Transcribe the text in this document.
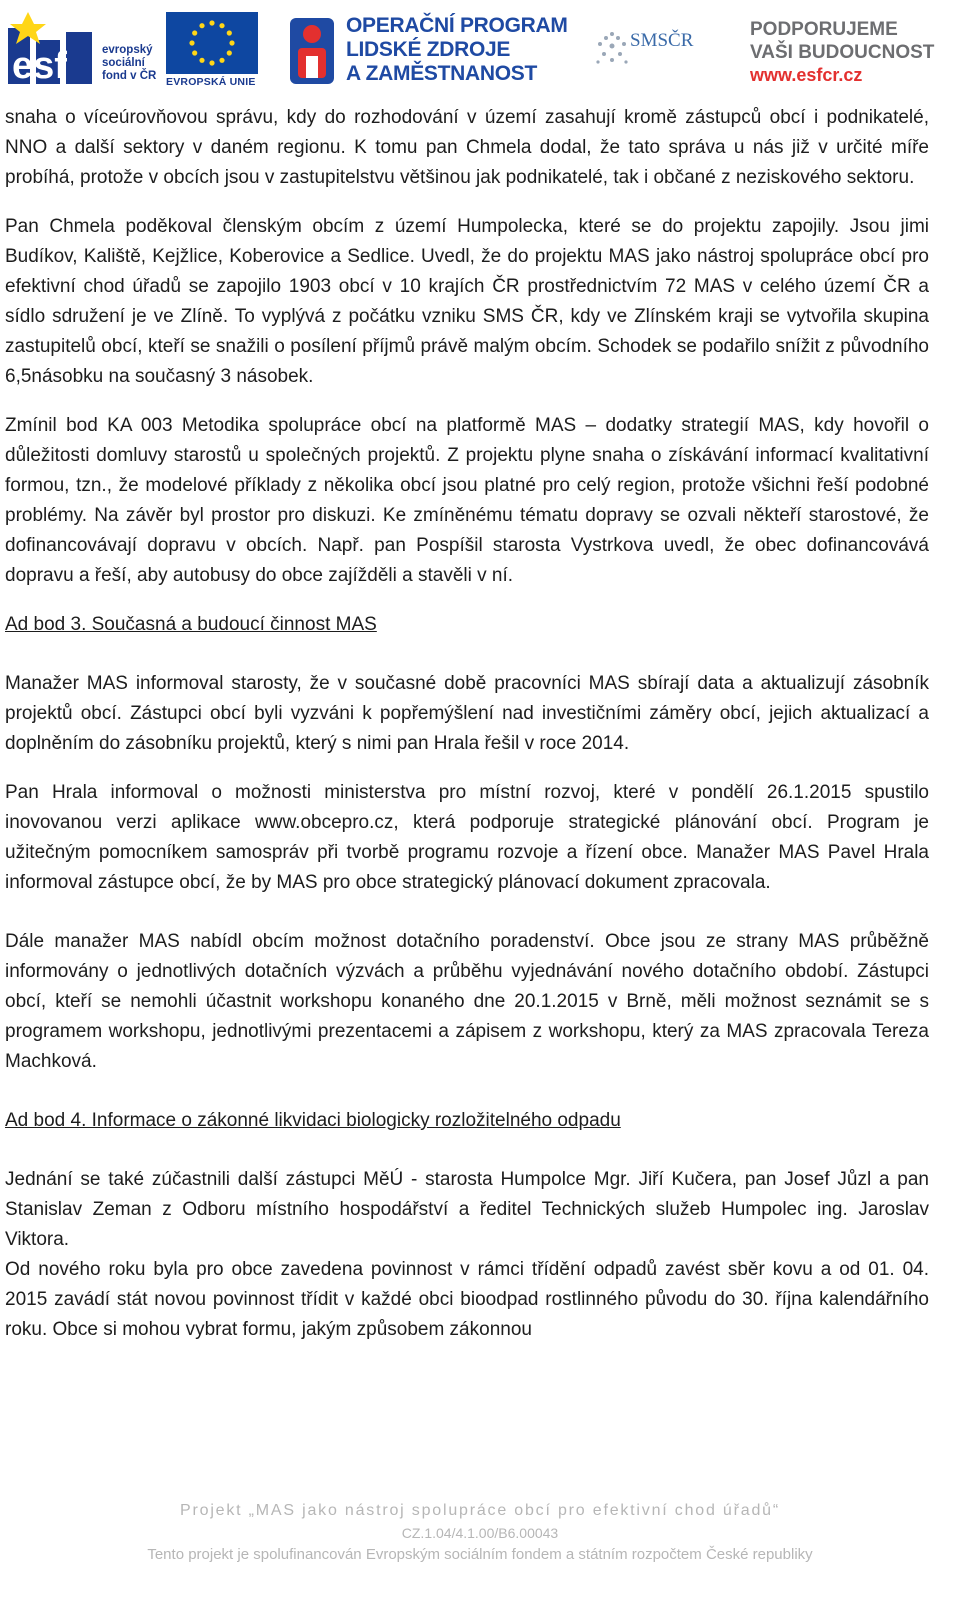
esf	evropský
sociální
fond v ČR EVROPSKÁ UNIE
OPERAČNÍ PROGRAM
LIDSKÉ ZDROJE
A ZAMĚSTNANOST
SMSČR
PODPORUJEME
VAŠI BUDOUCNOST
www.esfcr.cz

snaha o víceúrovňovou správu, kdy do rozhodování v území zasahují kromě zástupců obcí i podnikatelé, NNO a další sektory v daném regionu. K tomu pan Chmela dodal, že tato správa u nás již v určité míře probíhá, protože v obcích jsou v zastupitelstvu většinou jak podnikatelé, tak i občané z neziskového sektoru.

Pan Chmela poděkoval členským obcím z území Humpolecka, které se do projektu zapojily. Jsou jimi Budíkov, Kaliště, Kejžlice, Koberovice a Sedlice. Uvedl, že do projektu MAS jako nástroj spolupráce obcí pro efektivní chod úřadů se zapojilo 1903 obcí v 10 krajích ČR prostřednictvím 72 MAS v celého území ČR a sídlo sdružení je ve Zlíně. To vyplývá z počátku vzniku SMS ČR, kdy ve Zlínském kraji se vytvořila skupina zastupitelů obcí, kteří se snažili o posílení příjmů právě malým obcím. Schodek se podařilo snížit z původního 6,5násobku na současný 3 násobek.

Zmínil bod KA 003 Metodika spolupráce obcí na platformě MAS – dodatky strategií MAS, kdy hovořil o důležitosti domluvy starostů u společných projektů. Z projektu plyne snaha o získávání informací kvalitativní formou, tzn., že modelové příklady z několika obcí jsou platné pro celý region, protože všichni řeší podobné problémy. Na závěr byl prostor pro diskuzi. Ke zmíněnému tématu dopravy se ozvali někteří starostové, že dofinancovávají dopravu v obcích. Např. pan Pospíšil starosta Vystrkova uvedl, že obec dofinancovává dopravu a řeší, aby autobusy do obce zajížděli a stavěli v ní.

Ad bod 3. Současná a budoucí činnost MAS

Manažer MAS informoval starosty, že v současné době pracovníci MAS sbírají data a aktualizují zásobník projektů obcí. Zástupci obcí byli vyzváni k popřemýšlení nad investičními záměry obcí, jejich aktualizací a doplněním do zásobníku projektů, který s nimi pan Hrala řešil v roce 2014.

Pan Hrala informoval o možnosti ministerstva pro místní rozvoj, které v pondělí 26.1.2015 spustilo inovovanou verzi aplikace www.obcepro.cz, která podporuje strategické plánování obcí. Program je užitečným pomocníkem samospráv při tvorbě programu rozvoje a řízení obce. Manažer MAS Pavel Hrala informoval zástupce obcí, že by MAS pro obce strategický plánovací dokument zpracovala.

Dále manažer MAS nabídl obcím možnost dotačního poradenství. Obce jsou ze strany MAS průběžně informovány o jednotlivých dotačních výzvách a průběhu vyjednávání nového dotačního období. Zástupci obcí, kteří se nemohli účastnit workshopu konaného dne 20.1.2015 v Brně, měli možnost seznámit se s programem workshopu, jednotlivými prezentacemi a zápisem z workshopu, který za MAS zpracovala Tereza Machková.

Ad bod 4. Informace o zákonné likvidaci biologicky rozložitelného odpadu

Jednání se také zúčastnili další zástupci MěÚ - starosta Humpolce Mgr. Jiří Kučera, pan Josef Jůzl a pan Stanislav Zeman z Odboru místního hospodářství a ředitel Technických služeb Humpolec ing. Jaroslav Viktora.

Od nového roku byla pro obce zavedena povinnost v rámci třídění odpadů zavést sběr kovu a od 01. 04. 2015 zavádí stát novou povinnost třídit v každé obci bioodpad rostlinného původu do 30. října kalendářního roku. Obce si mohou vybrat formu, jakým způsobem zákonnou

Projekt „MAS jako nástroj spolupráce obcí pro efektivní chod úřadů“
CZ.1.04/4.1.00/B6.00043
Tento projekt je spolufinancován Evropským sociálním fondem a státním rozpočtem České republiky
